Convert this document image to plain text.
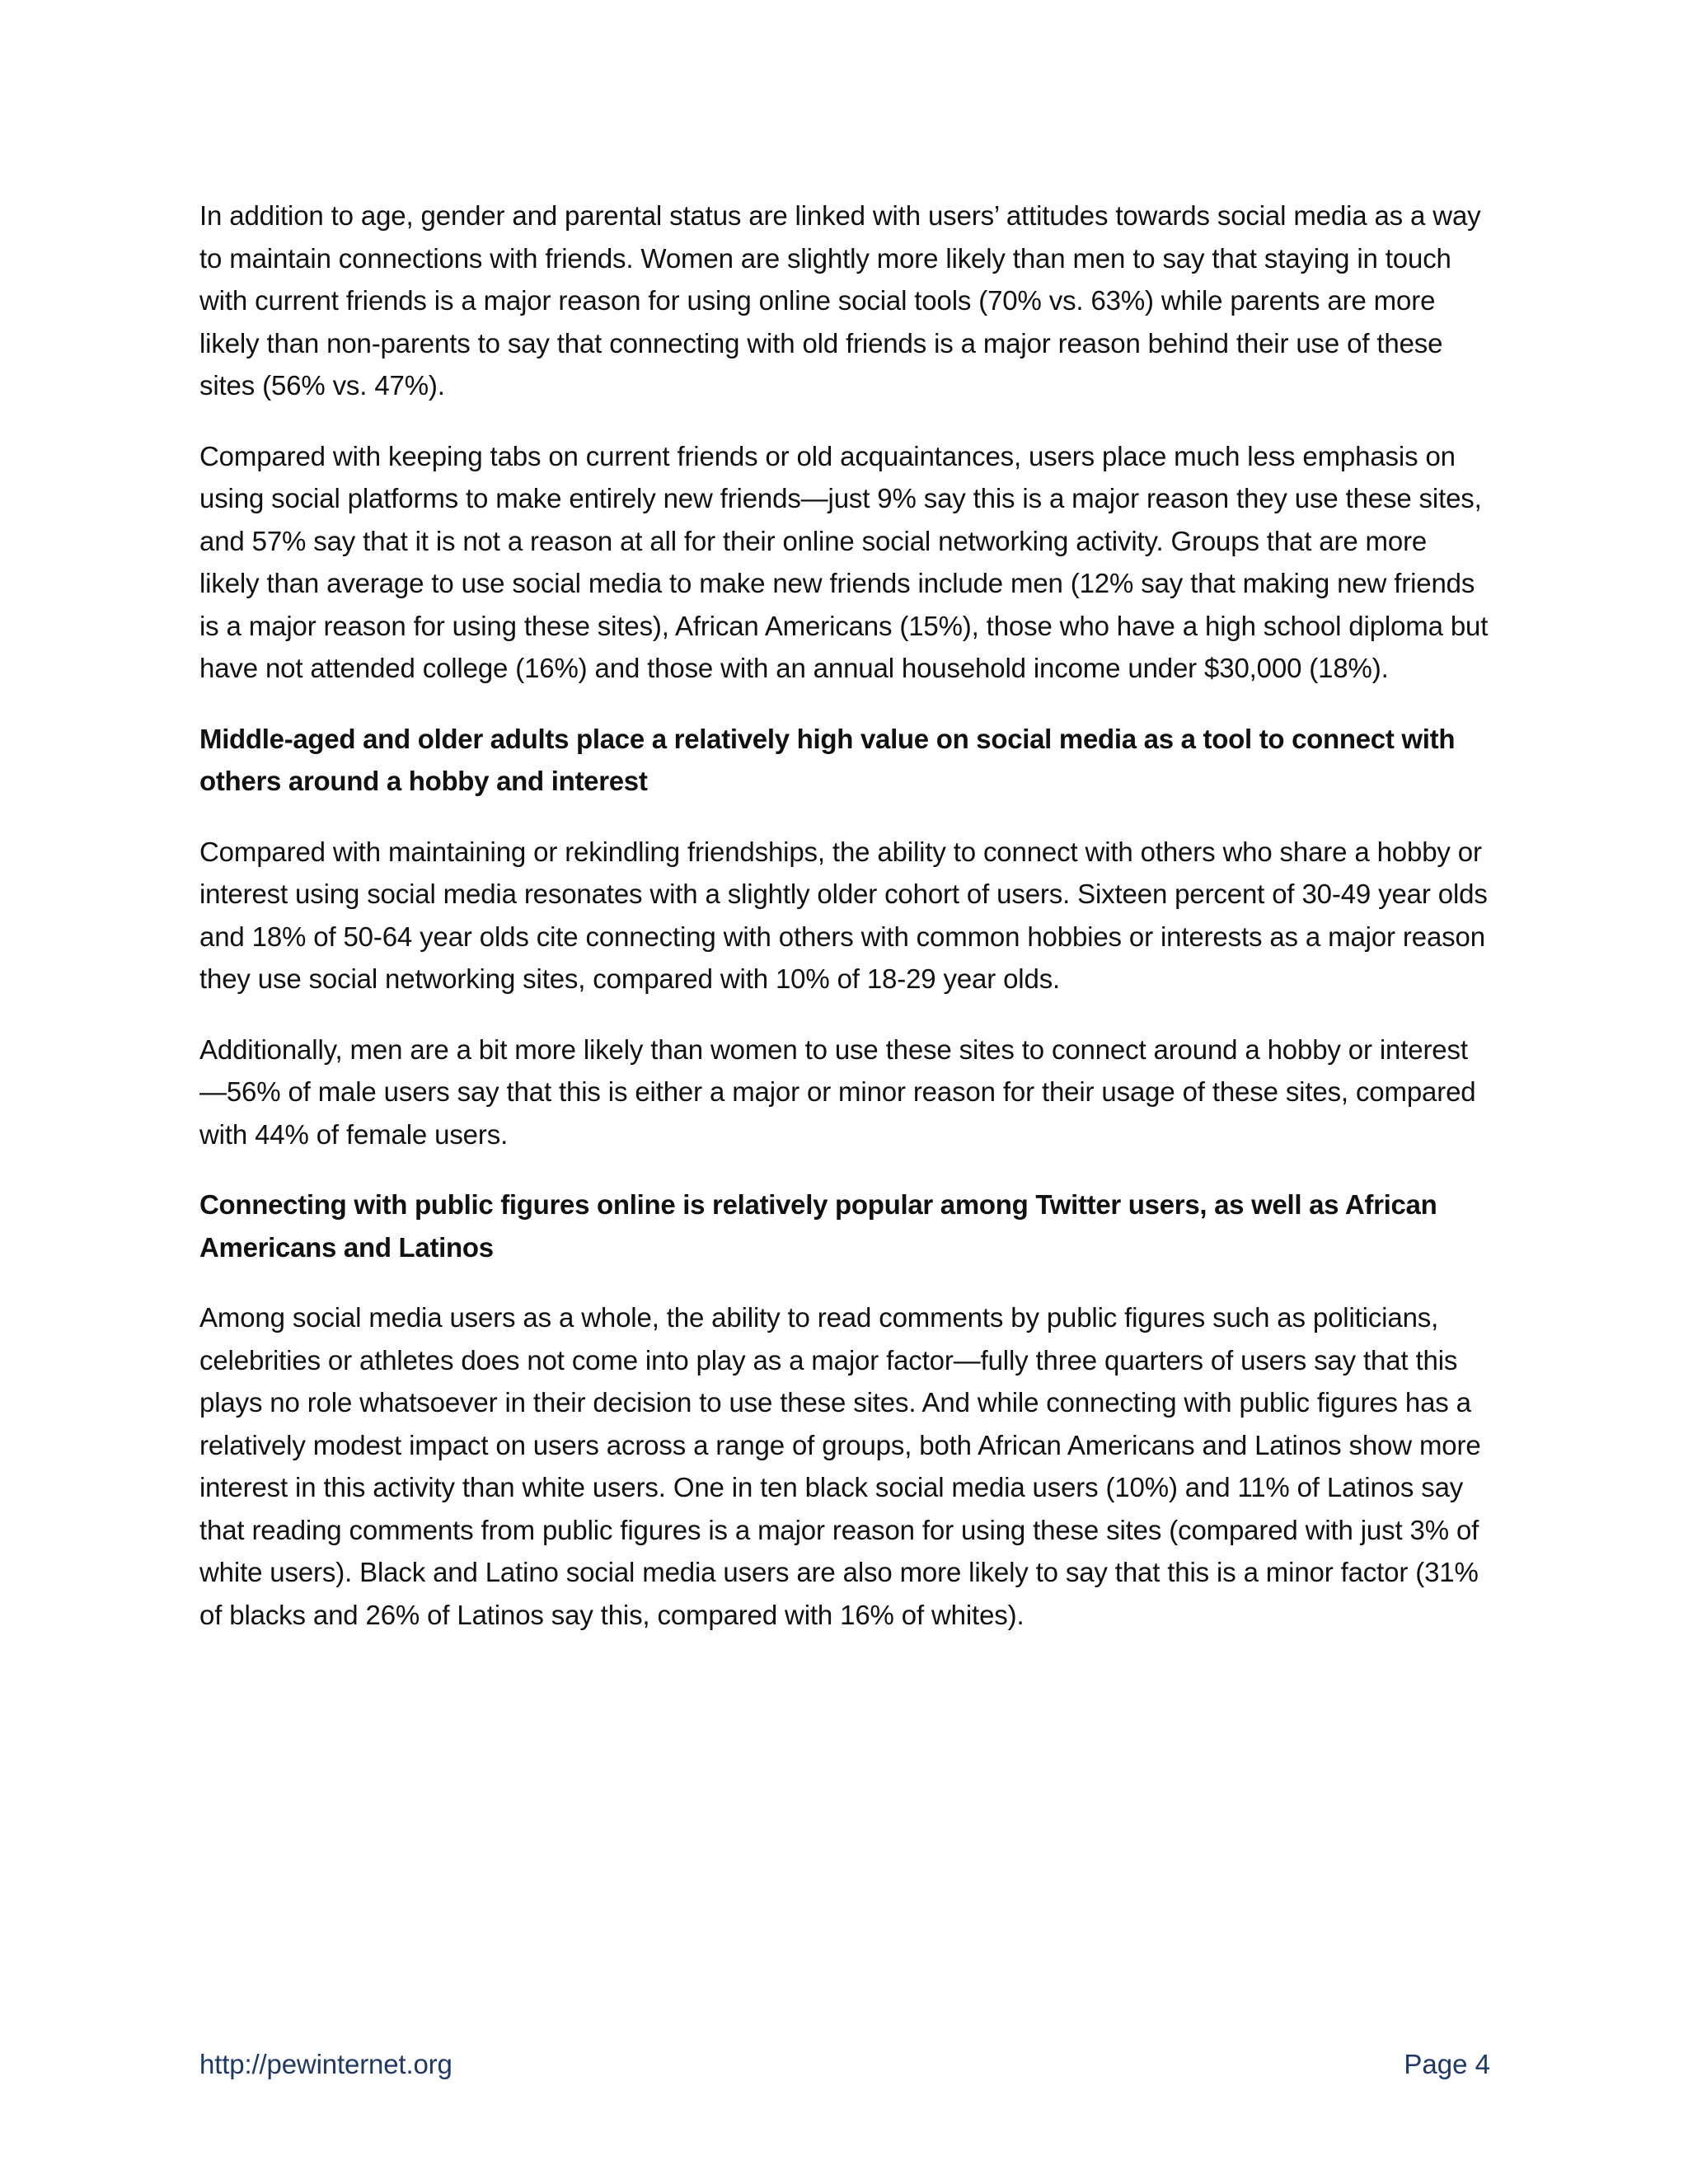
In addition to age, gender and parental status are linked with users’ attitudes towards social media as a way to maintain connections with friends. Women are slightly more likely than men to say that staying in touch with current friends is a major reason for using online social tools (70% vs. 63%) while parents are more likely than non-parents to say that connecting with old friends is a major reason behind their use of these sites (56% vs. 47%).

Compared with keeping tabs on current friends or old acquaintances, users place much less emphasis on using social platforms to make entirely new friends—just 9% say this is a major reason they use these sites, and 57% say that it is not a reason at all for their online social networking activity. Groups that are more likely than average to use social media to make new friends include men (12% say that making new friends is a major reason for using these sites), African Americans (15%), those who have a high school diploma but have not attended college (16%) and those with an annual household income under $30,000 (18%).

Middle-aged and older adults place a relatively high value on social media as a tool to connect with others around a hobby and interest

Compared with maintaining or rekindling friendships, the ability to connect with others who share a hobby or interest using social media resonates with a slightly older cohort of users. Sixteen percent of 30-49 year olds and 18% of 50-64 year olds cite connecting with others with common hobbies or interests as a major reason they use social networking sites, compared with 10% of 18-29 year olds.

Additionally, men are a bit more likely than women to use these sites to connect around a hobby or interest—56% of male users say that this is either a major or minor reason for their usage of these sites, compared with 44% of female users.

Connecting with public figures online is relatively popular among Twitter users, as well as African Americans and Latinos

Among social media users as a whole, the ability to read comments by public figures such as politicians, celebrities or athletes does not come into play as a major factor—fully three quarters of users say that this plays no role whatsoever in their decision to use these sites. And while connecting with public figures has a relatively modest impact on users across a range of groups, both African Americans and Latinos show more interest in this activity than white users. One in ten black social media users (10%) and 11% of Latinos say that reading comments from public figures is a major reason for using these sites (compared with just 3% of white users). Black and Latino social media users are also more likely to say that this is a minor factor (31% of blacks and 26% of Latinos say this, compared with 16% of whites).

http://pewinternet.org	Page 4
